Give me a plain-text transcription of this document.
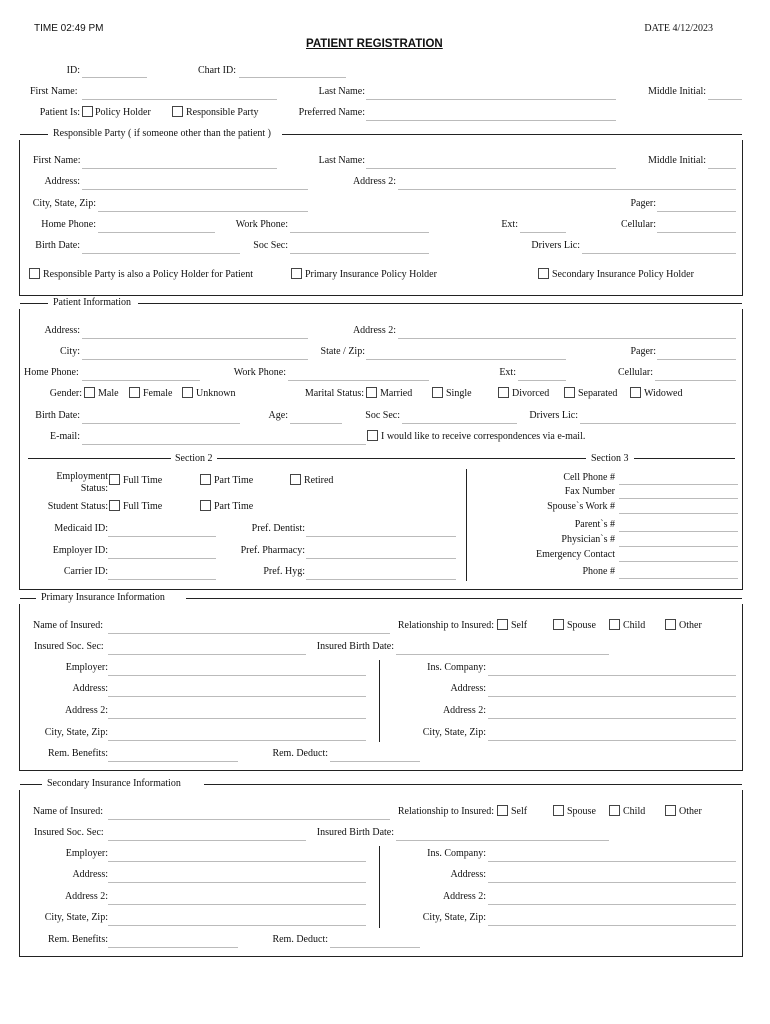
TIME 02:49 PM	DATE 4/12/2023
PATIENT REGISTRATION
ID:	Chart ID:
First Name:	Last Name:	Middle Initial:
Patient Is: Policy Holder	Responsible Party	Preferred Name:
Responsible Party ( if someone other than the patient )
First Name:	Last Name:	Middle Initial:
Address:	Address 2:
City, State, Zip:	Pager:
Home Phone:	Work Phone:	Ext:	Cellular:
Birth Date:	Soc Sec:	Drivers Lic:
Responsible Party is also a Policy Holder for Patient	Primary Insurance Policy Holder	Secondary Insurance Policy Holder
Patient Information
Address:	Address 2:
City:	State / Zip:	Pager:
Home Phone:	Work Phone:	Ext:	Cellular:
Gender: Male Female Unknown	Marital Status: Married	Single	Divorced	Separated	Widowed
Birth Date:	Age:	Soc Sec:	Drivers Lic:
E-mail:	I would like to receive correspondences via e-mail.
Section 2	Section 3
Employment
Status:
Full Time	Part Time	Retired
Student Status: Full Time	Part Time
Medicaid ID:	Pref. Dentist:
Employer ID:	Pref. Pharmacy:
Carrier ID:	Pref. Hyg:
Cell Phone #
Fax Number
Spouse`s Work #
Parent`s #
Physician`s #
Emergency Contact
Phone #
Primary Insurance Information
Name of Insured:	Relationship to Insured: Self	Spouse	Child	Other
Insured Soc. Sec:	Insured Birth Date:
Employer:	Ins. Company:
Address:	Address:
Address 2:	Address 2:
City, State, Zip:	City, State, Zip:
Rem. Benefits:	Rem. Deduct:
Secondary Insurance Information
Name of Insured:	Relationship to Insured: Self	Spouse	Child	Other
Insured Soc. Sec:	Insured Birth Date:
Employer:	Ins. Company:
Address:	Address:
Address 2:	Address 2:
City, State, Zip:	City, State, Zip:
Rem. Benefits:	Rem. Deduct:
